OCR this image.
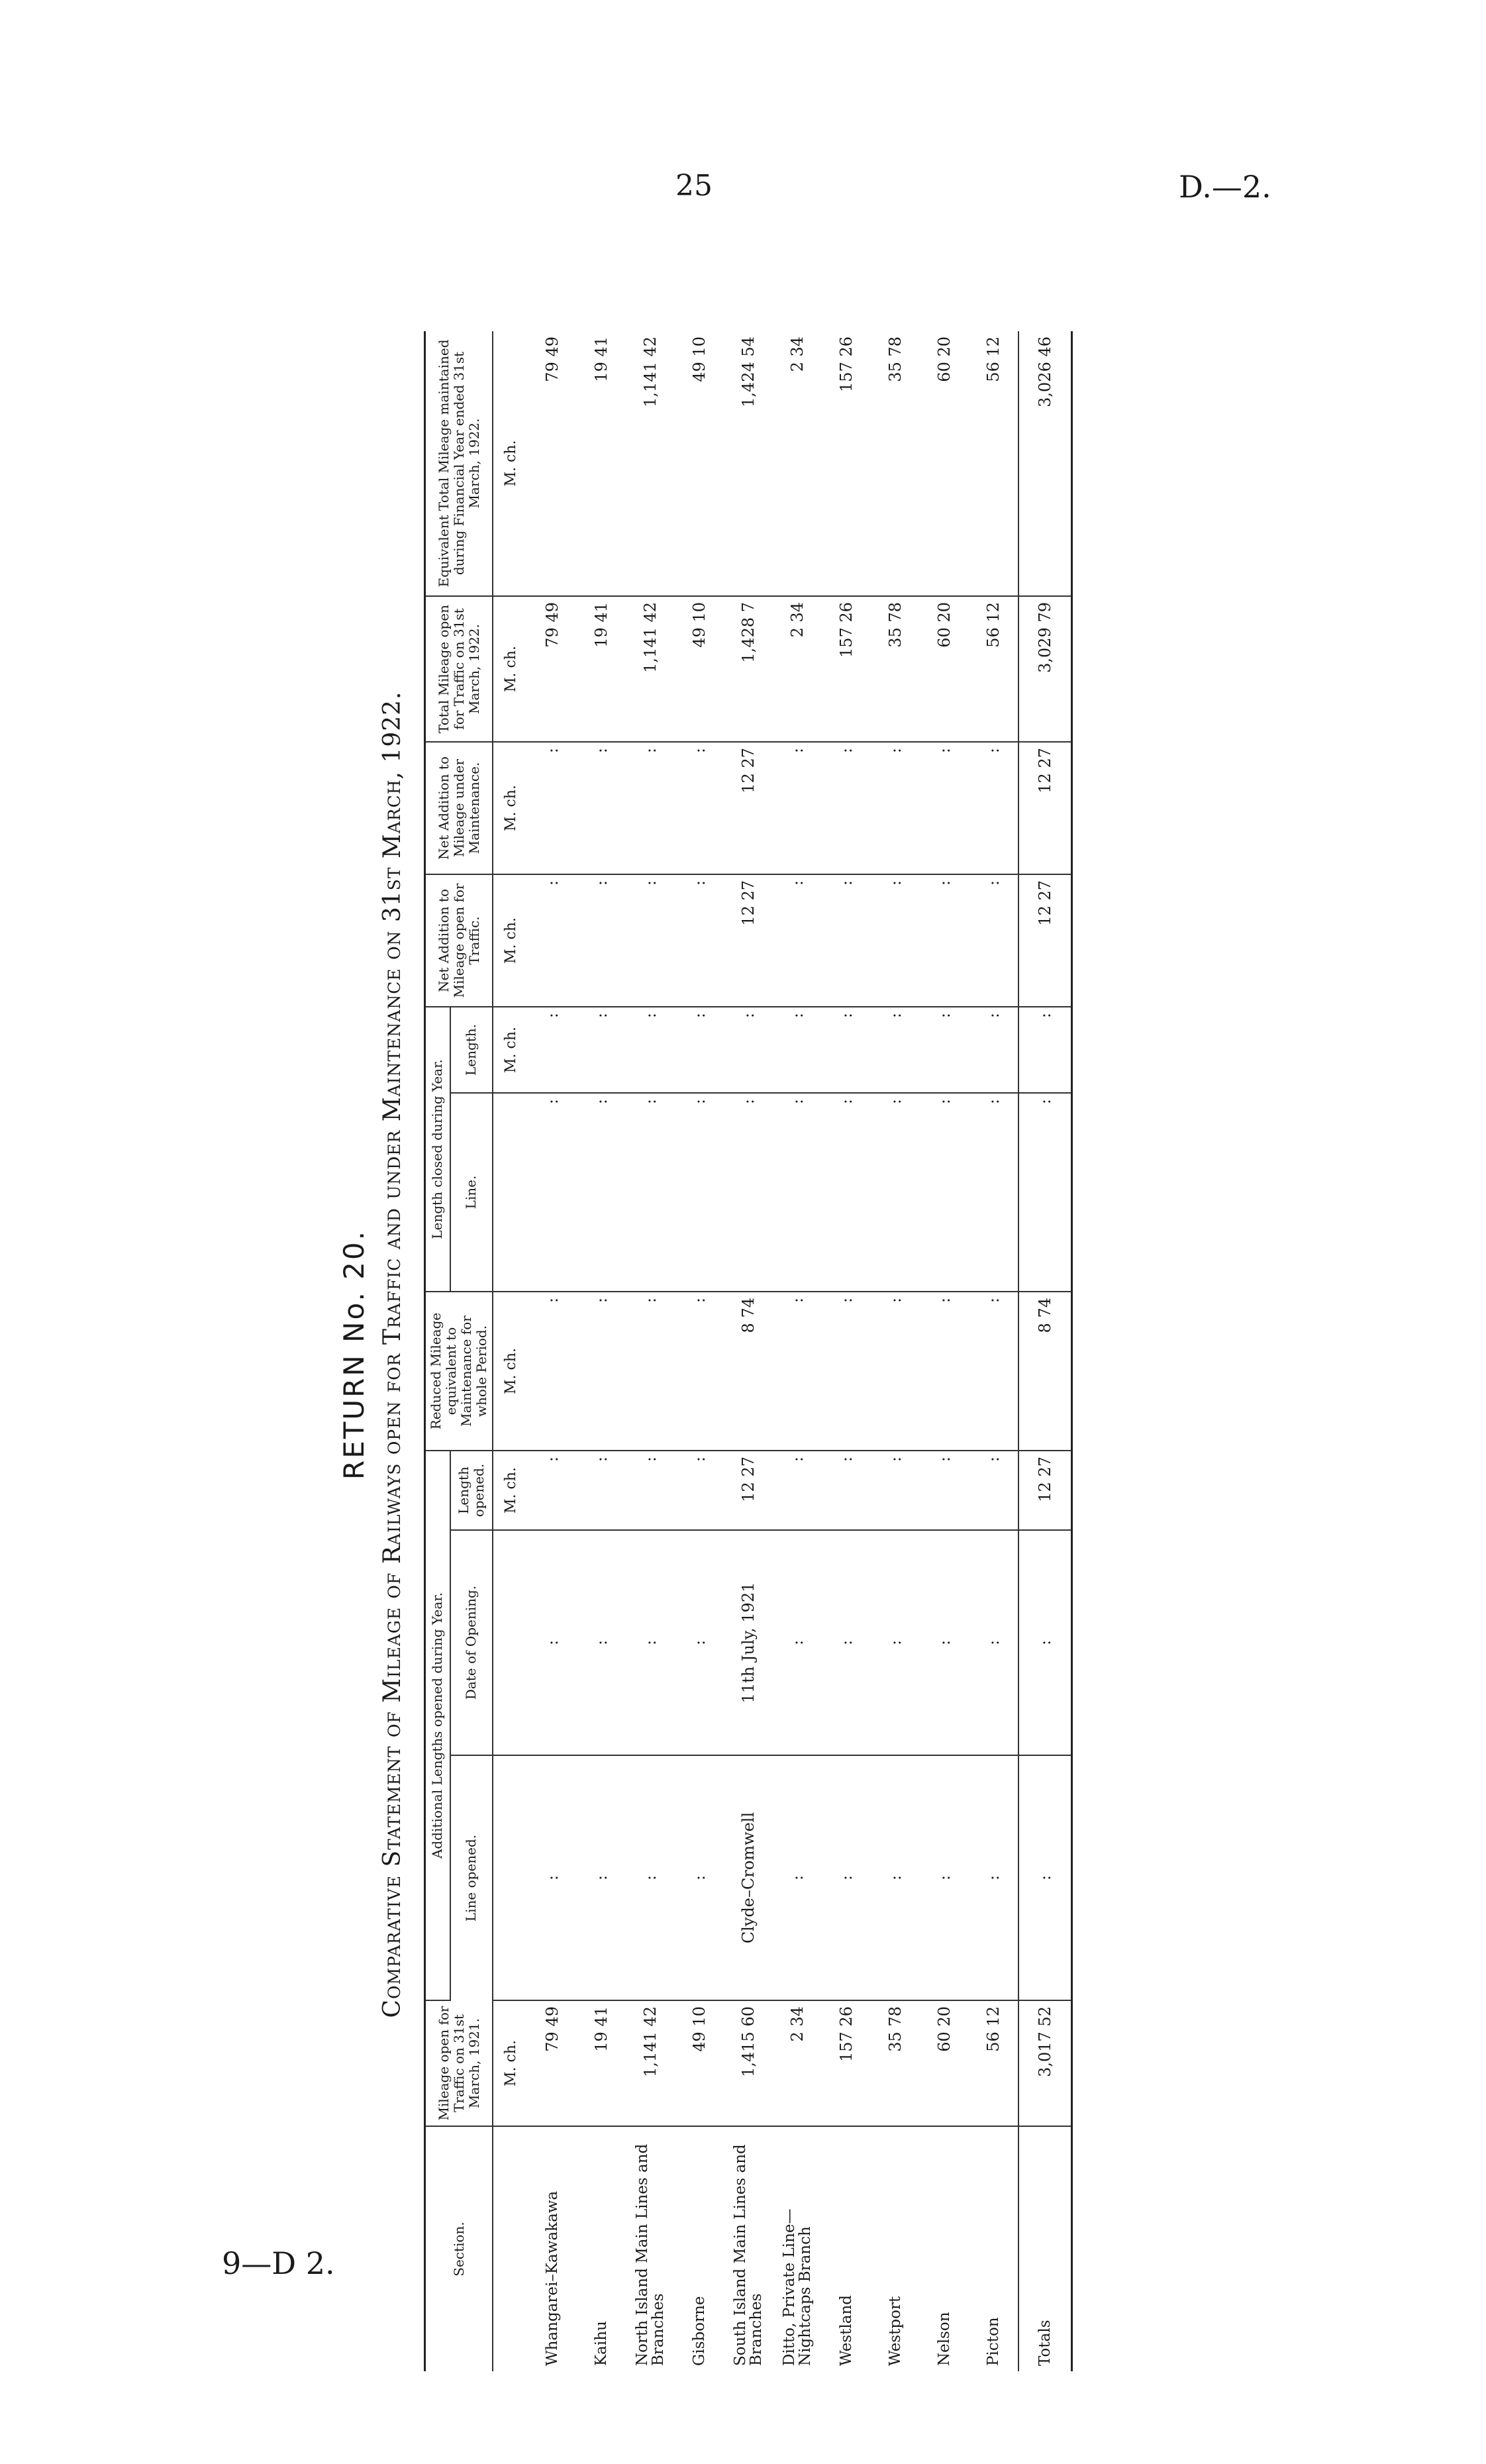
25	D.—2.
9—D 2.
RETURN No. 20. Comparative Statement of Mileage of Railways open for Traffic and under Maintenance on 31st March, 1922.
Section.	Mileage open for Traffic on 31st March, 1921.	Additional Lengths opened during Year.			Reduced Mileage equivalent to Maintenance for whole Period.	Length closed during Year.		Net Addition to Mileage open for Traffic.	Net Addition to Mileage under Maintenance.	Total Mileage open for Traffic on 31st March, 1922.	Equivalent Total Mileage maintained during Financial Year ended 31st March, 1922.
		Line opened.	Date of Opening.	Length opened.		Line.	Length.				
	M. ch.			M. ch.	M. ch.		M. ch.	M. ch.	M. ch.	M. ch.	M. ch.
Whangarei–Kawakawa	79 49	:	:	:	:	:	:	:	:	79 49	79 49
Kaihu	19 41	:	:	:	:	:	:	:	:	19 41	19 41
North Island Main Lines and Branches	1,141 42	:	:	:	:	:	:	:	:	1,141 42	1,141 42
Gisborne	49 10	:	:	:	:	:	:	:	:	49 10	49 10
South Island Main Lines and Branches	1,415 60	Clyde–Cromwell	11th July, 1921	12 27	8 74	:	:	12 27	12 27	1,428 7	1,424 54
Ditto, Private Line—Nightcaps Branch	2 34	:	:	:	:	:	:	:	:	2 34	2 34
Westland	157 26	:	:	:	:	:	:	:	:	157 26	157 26
Westport	35 78	:	:	:	:	:	:	:	:	35 78	35 78
Nelson	60 20	:	:	:	:	:	:	:	:	60 20	60 20
Picton	56 12	:	:	:	:	:	:	:	:	56 12	56 12
Totals	3,017 52	:	:	12 27	8 74	:	:	12 27	12 27	3,029 79	3,026 46
